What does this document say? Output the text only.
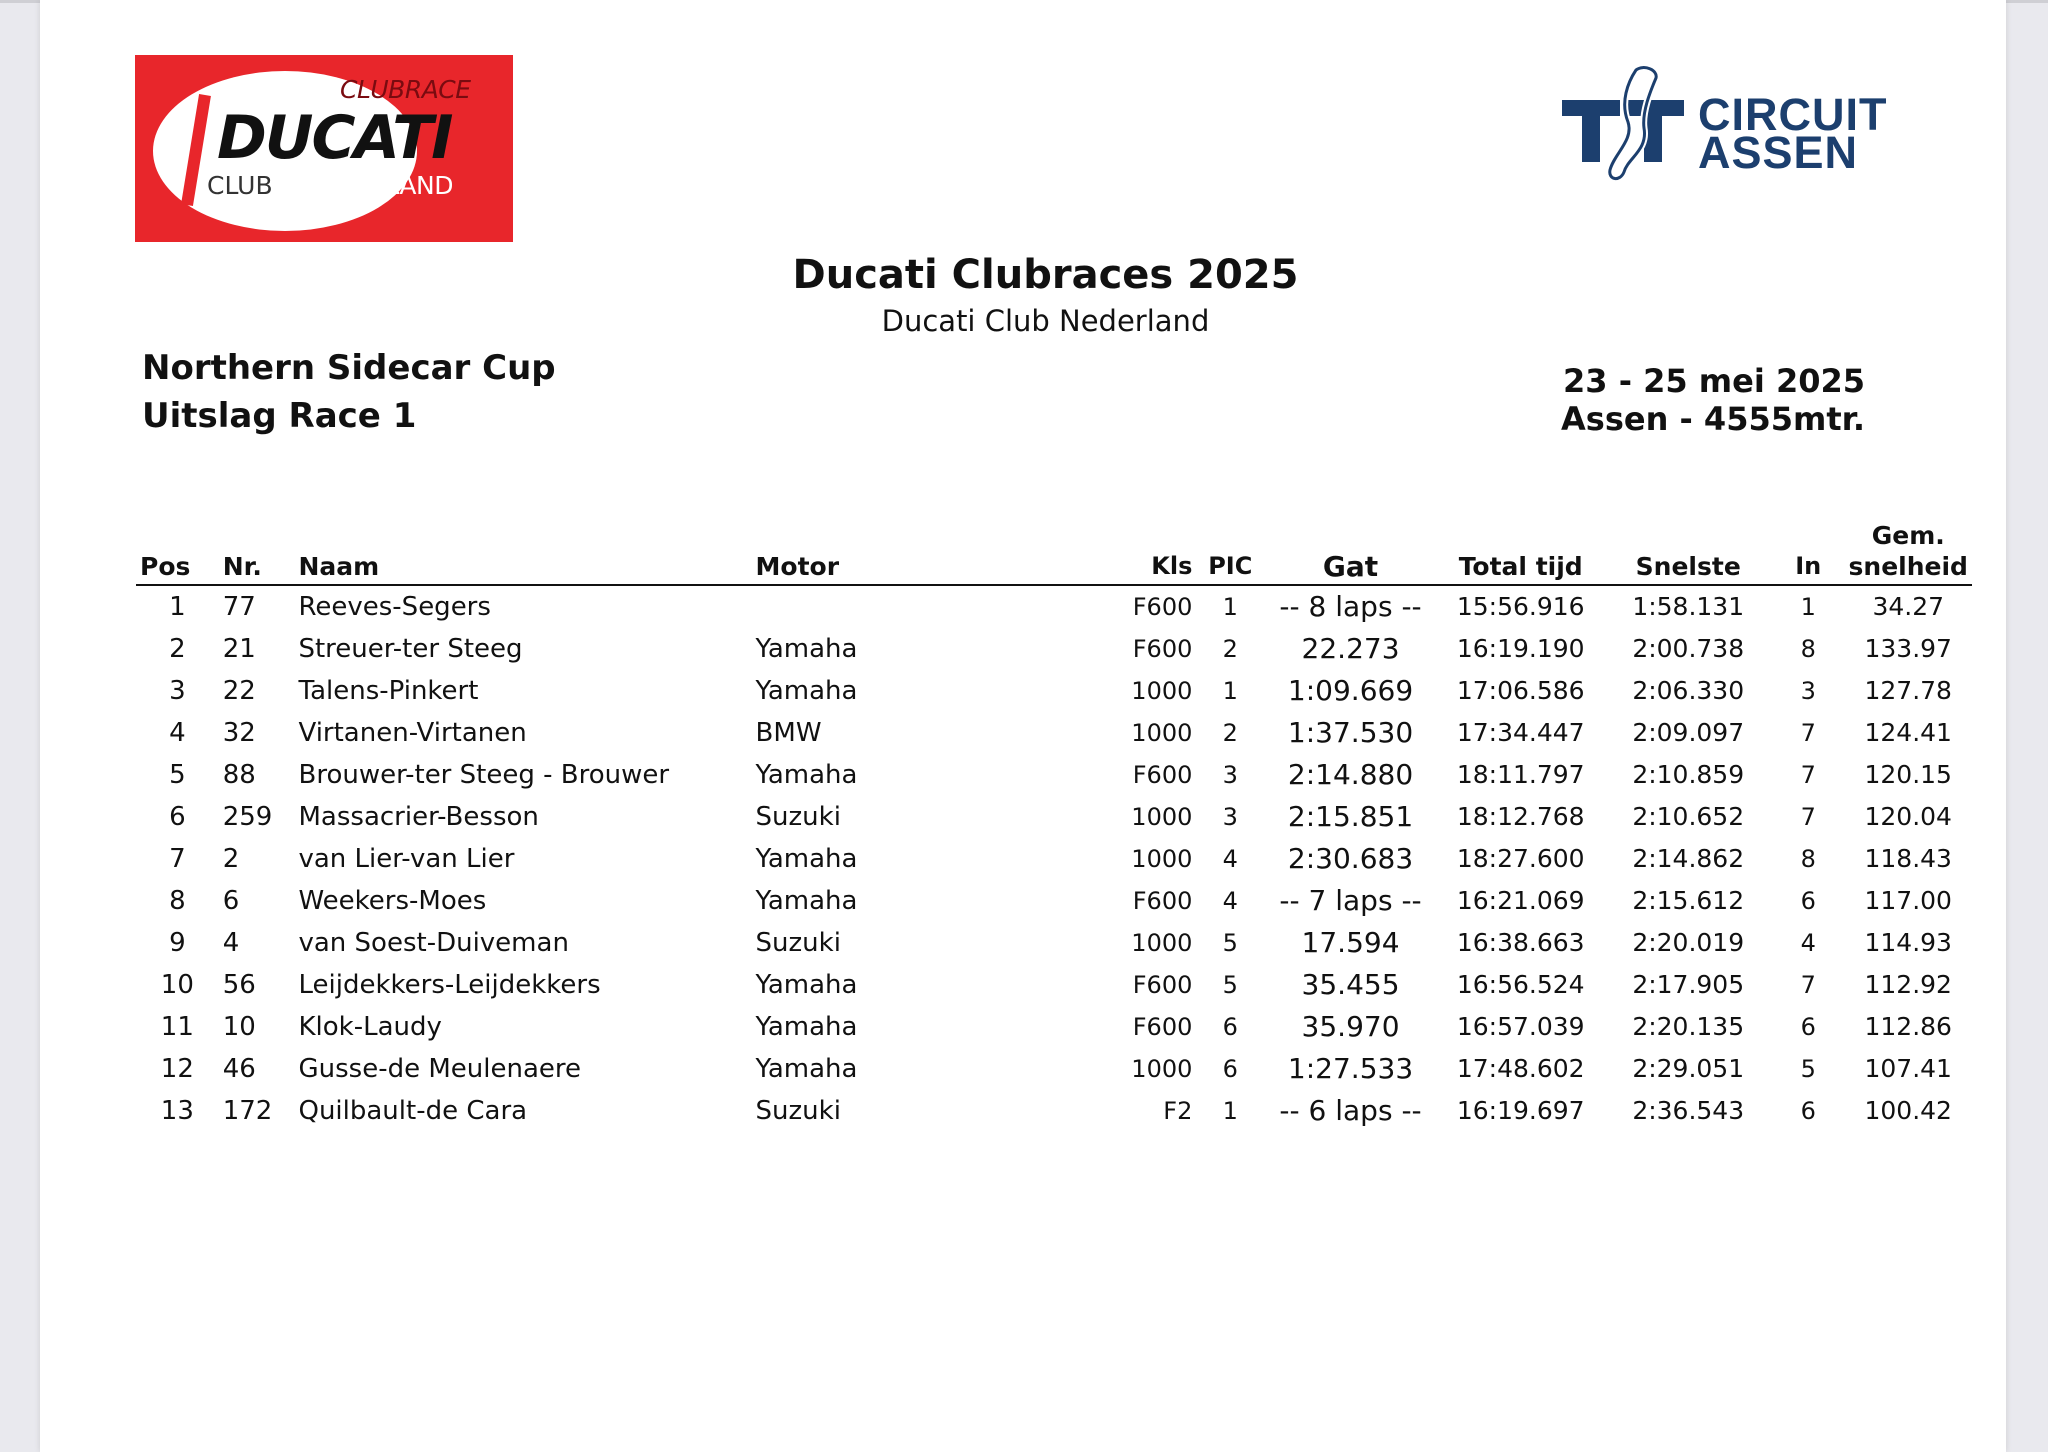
CLUBRACE
DUCATI
CLUB NEDERLAND
CIRCUIT
ASSEN
Ducati Clubraces 2025
Ducati Club Nederland
Northern Sidecar Cup
Uitslag Race 1
23 - 25 mei 2025
Assen - 4555mtr.
Pos	Nr.	Naam	Motor	Kls	PIC	Gat	Total tijd	Snelste	In	Gem.
snelheid
1	77	Reeves-Segers		F600	1	-- 8 laps --	15:56.916	1:58.131	1	34.27
2	21	Streuer-ter Steeg	Yamaha	F600	2	22.273	16:19.190	2:00.738	8	133.97
3	22	Talens-Pinkert	Yamaha	1000	1	1:09.669	17:06.586	2:06.330	3	127.78
4	32	Virtanen-Virtanen	BMW	1000	2	1:37.530	17:34.447	2:09.097	7	124.41
5	88	Brouwer-ter Steeg - Brouwer	Yamaha	F600	3	2:14.880	18:11.797	2:10.859	7	120.15
6	259	Massacrier-Besson	Suzuki	1000	3	2:15.851	18:12.768	2:10.652	7	120.04
7	2	van Lier-van Lier	Yamaha	1000	4	2:30.683	18:27.600	2:14.862	8	118.43
8	6	Weekers-Moes	Yamaha	F600	4	-- 7 laps --	16:21.069	2:15.612	6	117.00
9	4	van Soest-Duiveman	Suzuki	1000	5	17.594	16:38.663	2:20.019	4	114.93
10	56	Leijdekkers-Leijdekkers	Yamaha	F600	5	35.455	16:56.524	2:17.905	7	112.92
11	10	Klok-Laudy	Yamaha	F600	6	35.970	16:57.039	2:20.135	6	112.86
12	46	Gusse-de Meulenaere	Yamaha	1000	6	1:27.533	17:48.602	2:29.051	5	107.41
13	172	Quilbault-de Cara	Suzuki	F2	1	-- 6 laps --	16:19.697	2:36.543	6	100.42
